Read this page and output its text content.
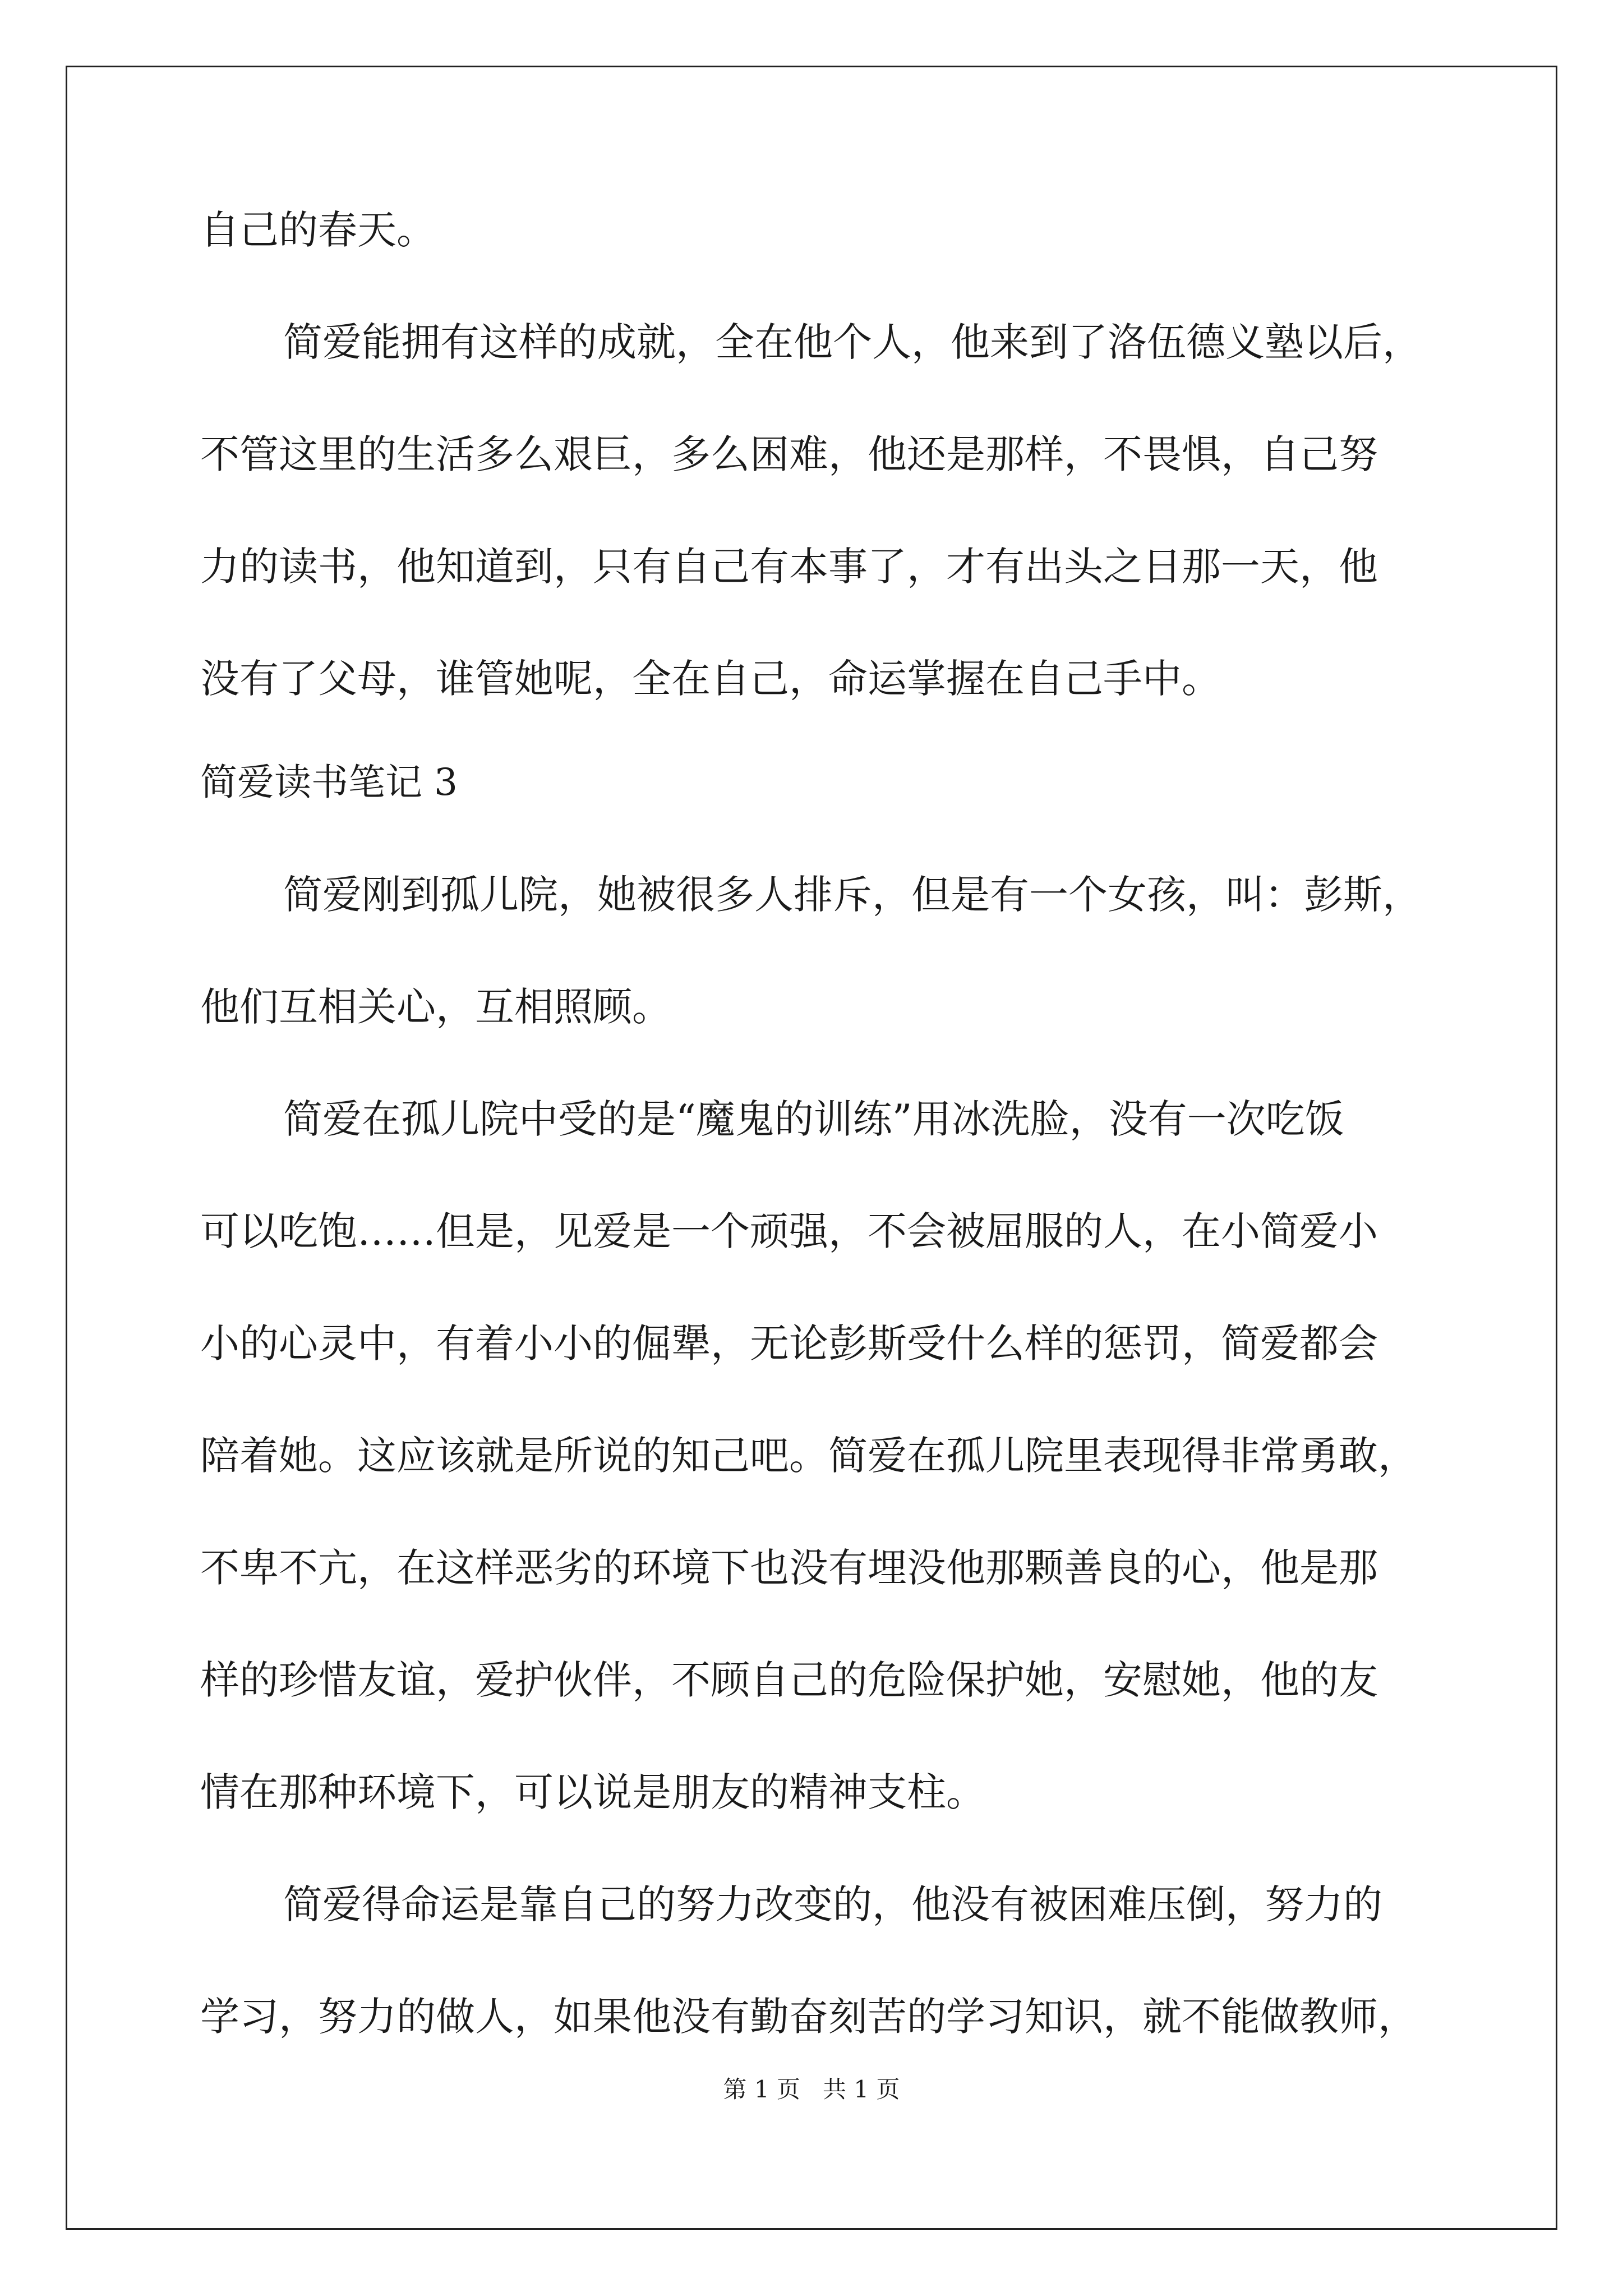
自己的春天。
简爱能拥有这样的成就，全在他个人，他来到了洛伍德义塾以后，
不管这里的生活多么艰巨，多么困难，他还是那样，不畏惧，自己努
力的读书，他知道到，只有自己有本事了，才有出头之日那一天，他
没有了父母，谁管她呢，全在自己，命运掌握在自己手中。
简爱读书笔记 3
简爱刚到孤儿院，她被很多人排斥，但是有一个女孩，叫：彭斯，
他们互相关心，互相照顾。
简爱在孤儿院中受的是“魔鬼的训练”用冰洗脸，没有一次吃饭
可以吃饱……但是，见爱是一个顽强，不会被屈服的人，在小简爱小
小的心灵中，有着小小的倔犟，无论彭斯受什么样的惩罚，简爱都会
陪着她。这应该就是所说的知己吧。简爱在孤儿院里表现得非常勇敢，
不卑不亢，在这样恶劣的环境下也没有埋没他那颗善良的心，他是那
样的珍惜友谊，爱护伙伴，不顾自己的危险保护她，安慰她，他的友
情在那种环境下，可以说是朋友的精神支柱。
简爱得命运是靠自己的努力改变的，他没有被困难压倒，努力的
学习，努力的做人，如果他没有勤奋刻苦的学习知识，就不能做教师，
第 1 页 共 1 页
